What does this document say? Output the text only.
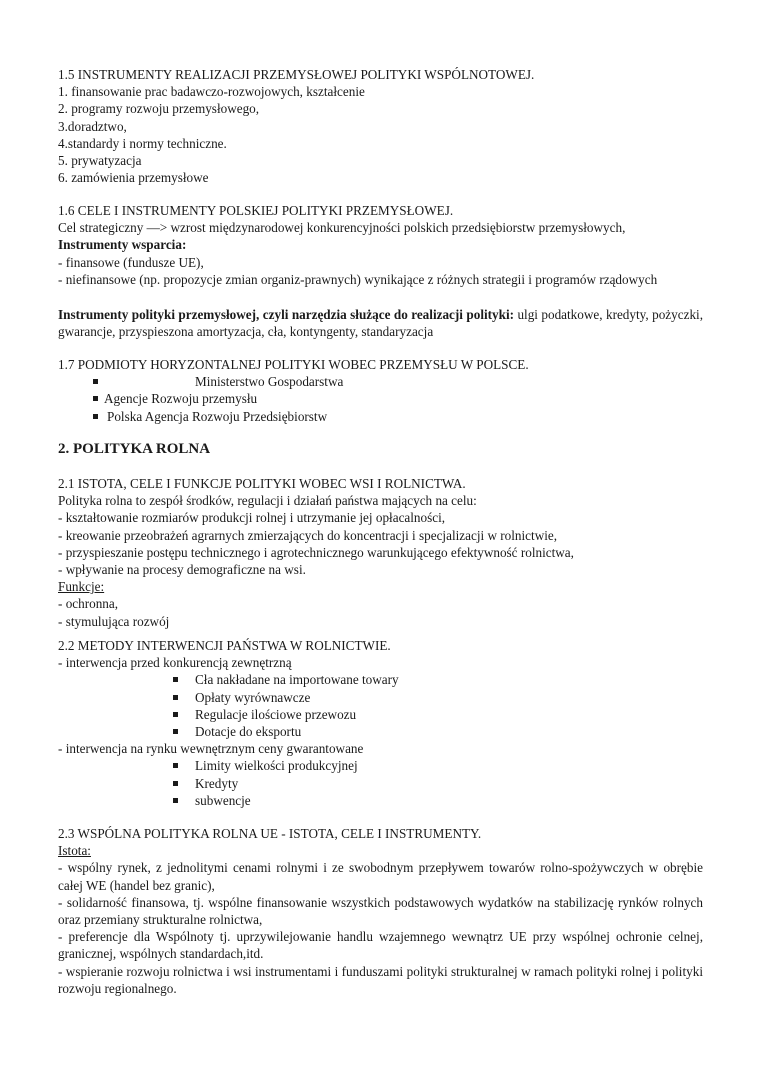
1.5 INSTRUMENTY REALIZACJI PRZEMYSŁOWEJ POLITYKI WSPÓLNOTOWEJ.
1. finansowanie prac badawczo-rozwojowych, kształcenie
2. programy rozwoju przemysłowego,
3.doradztwo,
4.standardy i normy techniczne.
5. prywatyzacja
6. zamówienia przemysłowe
1.6 CELE I INSTRUMENTY POLSKIEJ POLITYKI PRZEMYSŁOWEJ.
Cel strategiczny —> wzrost międzynarodowej konkurencyjności polskich przedsiębiorstw przemysłowych,
Instrumenty wsparcia:
- finansowe (fundusze UE),
- niefinansowe (np. propozycje zmian organiz-prawnych) wynikające z różnych strategii i programów rządowych
Instrumenty polityki przemysłowej, czyli narzędzia służące do realizacji polityki: ulgi podatkowe, kredyty, pożyczki, gwarancje, przyspieszona amortyzacja, cła, kontyngenty, standaryzacja
1.7 PODMIOTY HORYZONTALNEJ POLITYKI WOBEC PRZEMYSŁU W POLSCE.
Ministerstwo Gospodarstwa
Agencje Rozwoju przemysłu
Polska Agencja Rozwoju Przedsiębiorstw
2. POLITYKA ROLNA
2.1 ISTOTA, CELE I FUNKCJE POLITYKI WOBEC WSI I ROLNICTWA.
Polityka rolna to zespół środków, regulacji i działań państwa mających na celu:
- kształtowanie rozmiarów produkcji rolnej i utrzymanie jej opłacalności,
- kreowanie przeobrażeń agrarnych zmierzających do koncentracji i specjalizacji w rolnictwie,
- przyspieszanie postępu technicznego i agrotechnicznego warunkującego efektywność rolnictwa,
- wpływanie na procesy demograficzne na wsi.
Funkcje:
- ochronna,
- stymulująca rozwój
2.2 METODY INTERWENCJI PAŃSTWA W ROLNICTWIE.
- interwencja przed konkurencją zewnętrzną
Cła nakładane na importowane towary
Opłaty wyrównawcze
Regulacje ilościowe przewozu
Dotacje do eksportu
- interwencja na rynku wewnętrznym ceny gwarantowane
Limity wielkości produkcyjnej
Kredyty
subwencje
2.3 WSPÓLNA POLITYKA ROLNA UE - ISTOTA, CELE I INSTRUMENTY.
Istota:
- wspólny rynek, z jednolitymi cenami rolnymi i ze swobodnym przepływem towarów rolno-spożywczych w obrębie całej WE (handel bez granic),
- solidarność finansowa, tj. wspólne finansowanie wszystkich podstawowych wydatków na stabilizację rynków rolnych oraz przemiany strukturalne rolnictwa,
- preferencje dla Wspólnoty tj. uprzywilejowanie handlu wzajemnego wewnątrz UE przy wspólnej ochronie celnej, granicznej, wspólnych standardach,itd.
- wspieranie rozwoju rolnictwa i wsi instrumentami i funduszami polityki strukturalnej w ramach polityki rolnej i polityki rozwoju regionalnego.
